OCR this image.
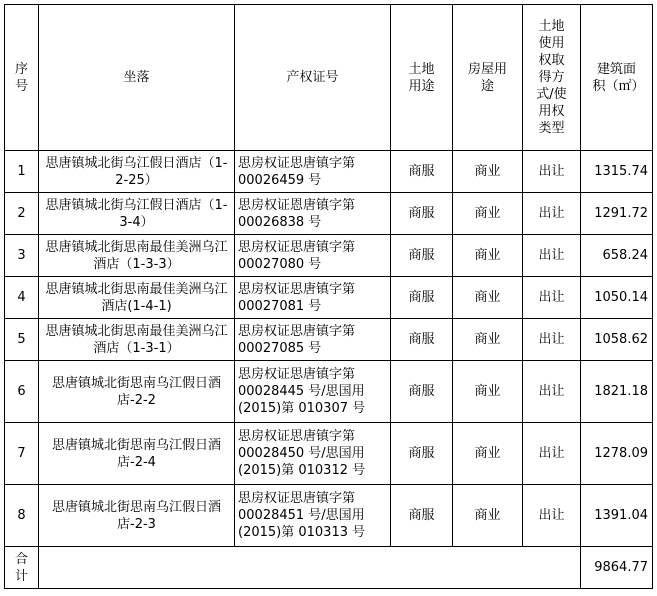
序号	坐落	产权证号	土地用途	房屋用途	土地使用权取得方式/使用权类型	建筑面积（㎡）

1	思唐镇城北街乌江假日酒店（1-2-25）	思房权证思唐镇字第 00026459 号	商服	商业	出让	1315.74
2	思唐镇城北街乌江假日酒店（1-3-4）	思房权证恩唐镇字第 00026838 号	商服	商业	出让	1291.72
3	思唐镇城北街思南最佳美洲乌江酒店（1-3-3）	思房权证思唐镇字第 00027080 号	商服	商业	出让	658.24
4	思唐镇城北街思南最佳美洲乌江酒店(1-4-1)	思房权证思唐镇字第 00027081 号	商服	商业	出让	1050.14
5	思唐镇城北街思南最佳美洲乌江酒店（1-3-1）	思房权证思唐镇字第 00027085 号	商服	商业	出让	1058.62
6	思唐镇城北街思南乌江假日酒店-2-2	思房权证思唐镇字第 00028445 号/思国用(2015)第 010307 号	商服	商业	出让	1821.18
7	思唐镇城北街思南乌江假日酒店-2-4	思房权证思唐镇字第 00028450 号/思国用(2015)第 010312 号	商服	商业	出让	1278.09
8	思唐镇城北街思南乌江假日酒店-2-3	思房权证思唐镇字第 00028451 号/思国用(2015)第 010313 号	商服	商业	出让	1391.04

合计						9864.77
